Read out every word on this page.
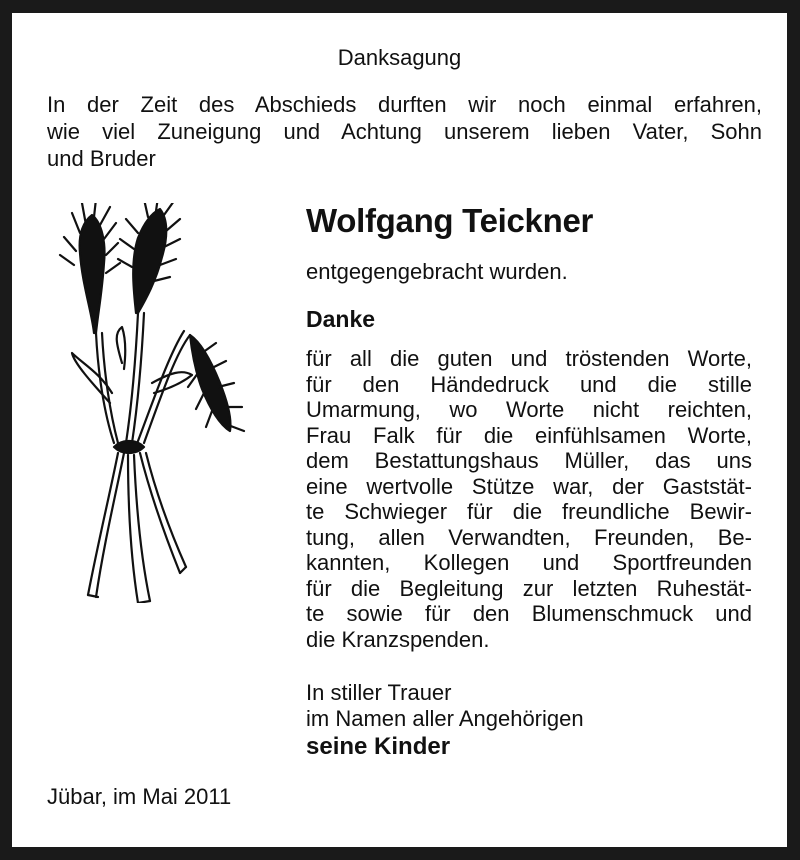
Danksagung
In der Zeit des Abschieds durften wir noch einmal erfahren,
wie viel Zuneigung und Achtung unserem lieben Vater, Sohn
und Bruder
Wolfgang Teickner
entgegengebracht wurden.
Danke
für all die guten und tröstenden Worte,
für den Händedruck und die stille
Umarmung, wo Worte nicht reichten,
Frau Falk für die einfühlsamen Worte,
dem Bestattungshaus Müller, das uns
eine wertvolle Stütze war, der Gaststät-
te Schwieger für die freundliche Bewir-
tung, allen Verwandten, Freunden, Be-
kannten, Kollegen und Sportfreunden
für die Begleitung zur letzten Ruhestät-
te sowie für den Blumenschmuck und
die Kranzspenden.
In stiller Trauer
im Namen aller Angehörigen
seine Kinder
Jübar, im Mai 2011
